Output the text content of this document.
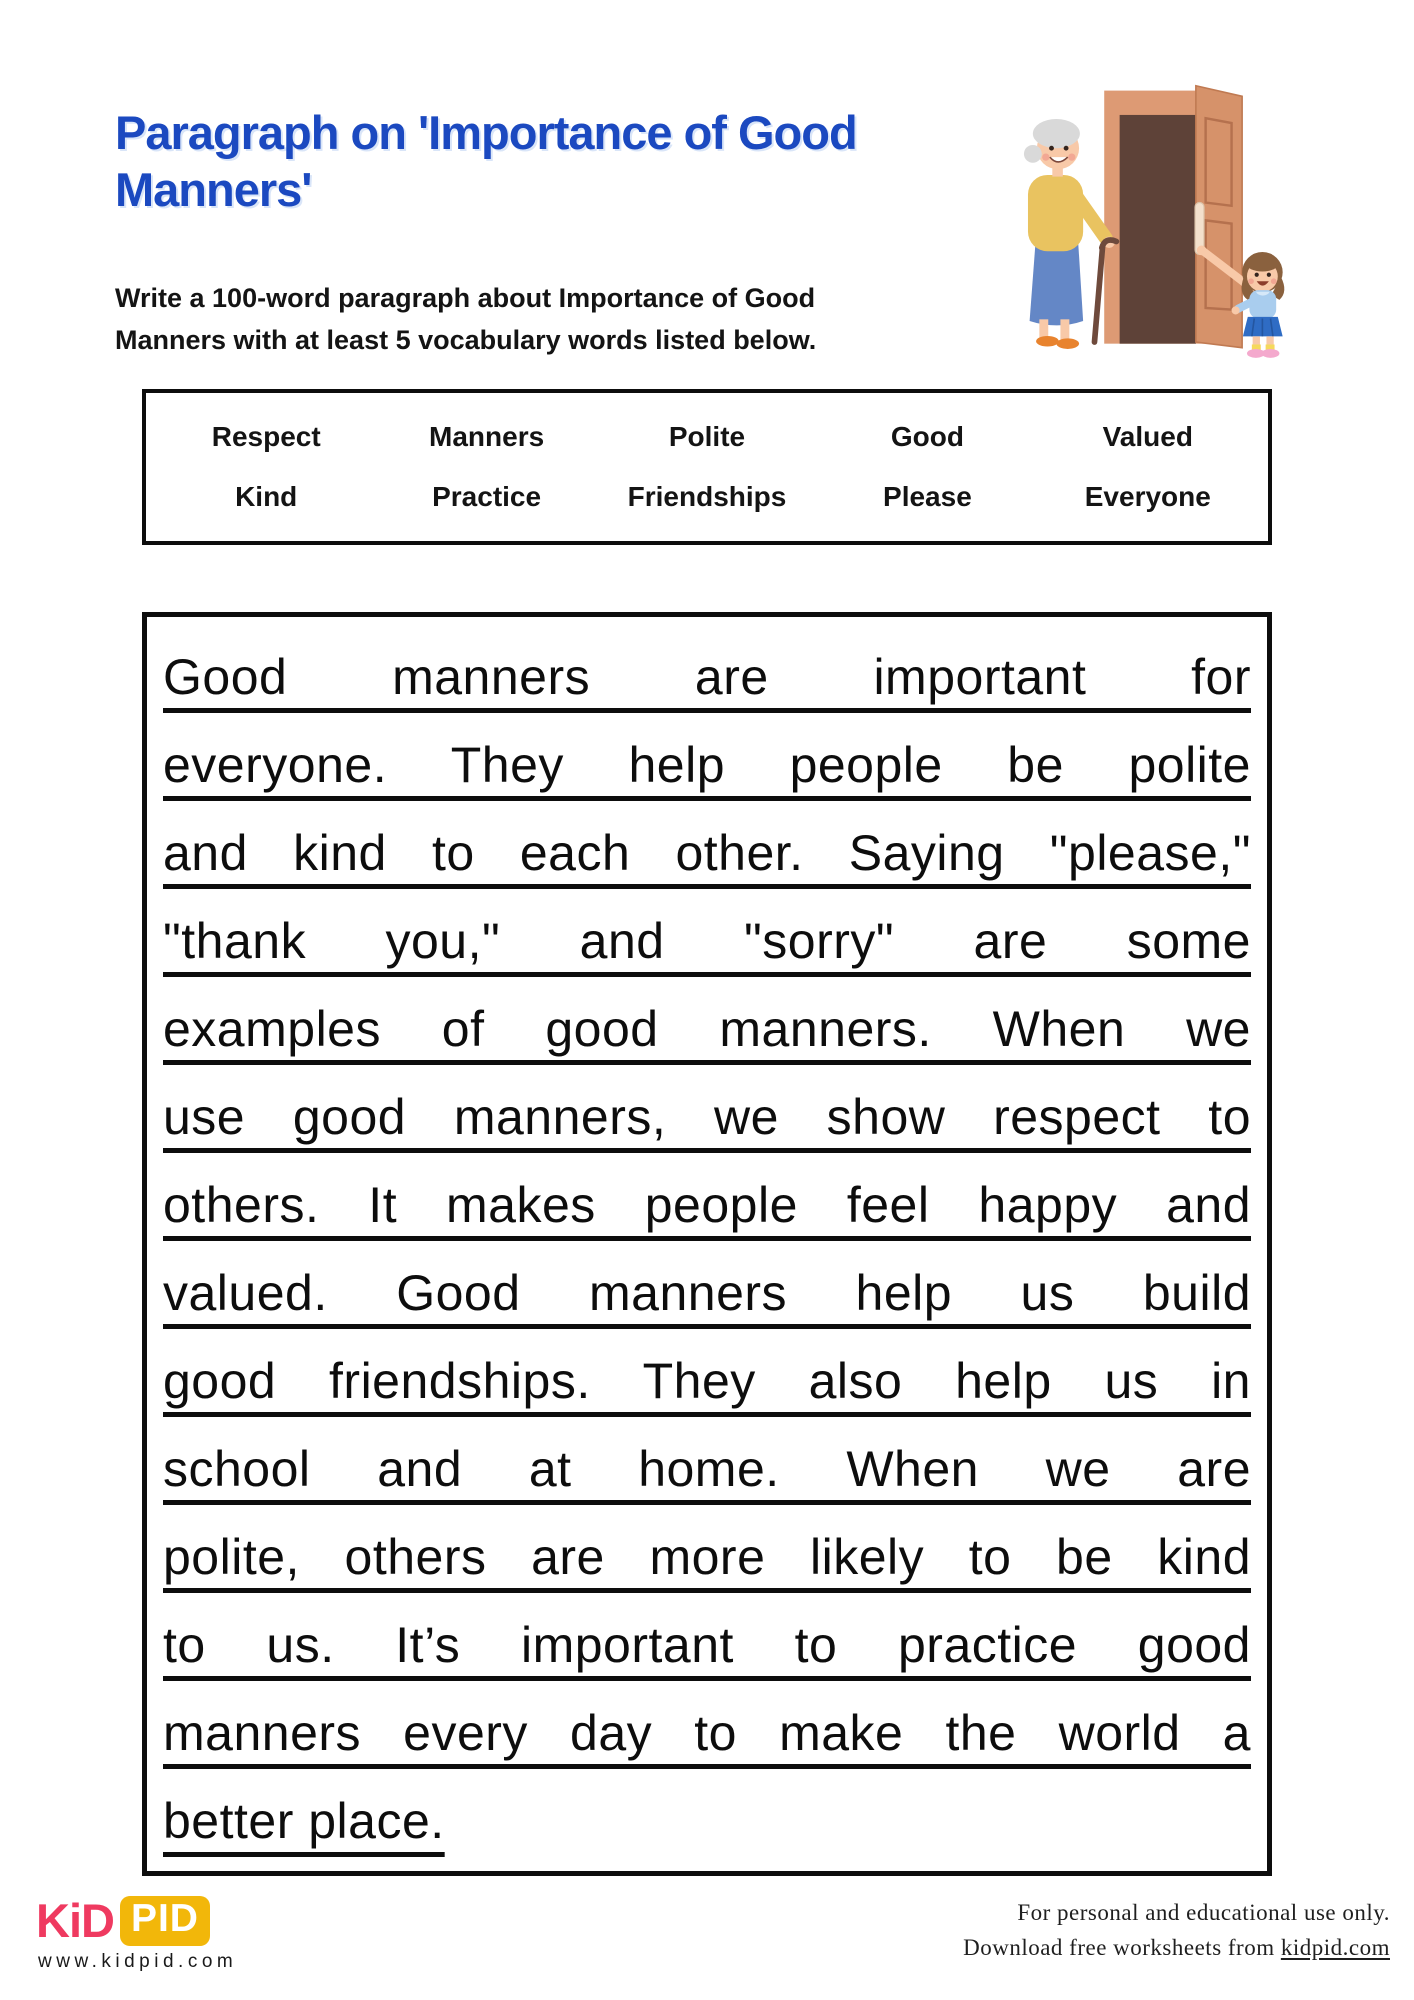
Paragraph on 'Importance of Good
Manners'
Write a 100-word paragraph about Importance of Good
Manners with at least 5 vocabulary words listed below.
Respect	Manners	Polite	Good	Valued
Kind	Practice	Friendships	Please	Everyone
Good manners are important for
everyone. They help people be polite
and kind to each other. Saying "please,"
"thank you," and "sorry" are some
examples of good manners. When we
use good manners, we show respect to
others. It makes people feel happy and
valued. Good manners help us build
good friendships. They also help us in
school and at home. When we are
polite, others are more likely to be kind
to us. It’s important to practice good
manners every day to make the world a
better place.
KiD PID
www.kidpid.com
For personal and educational use only.
Download free worksheets from kidpid.com
